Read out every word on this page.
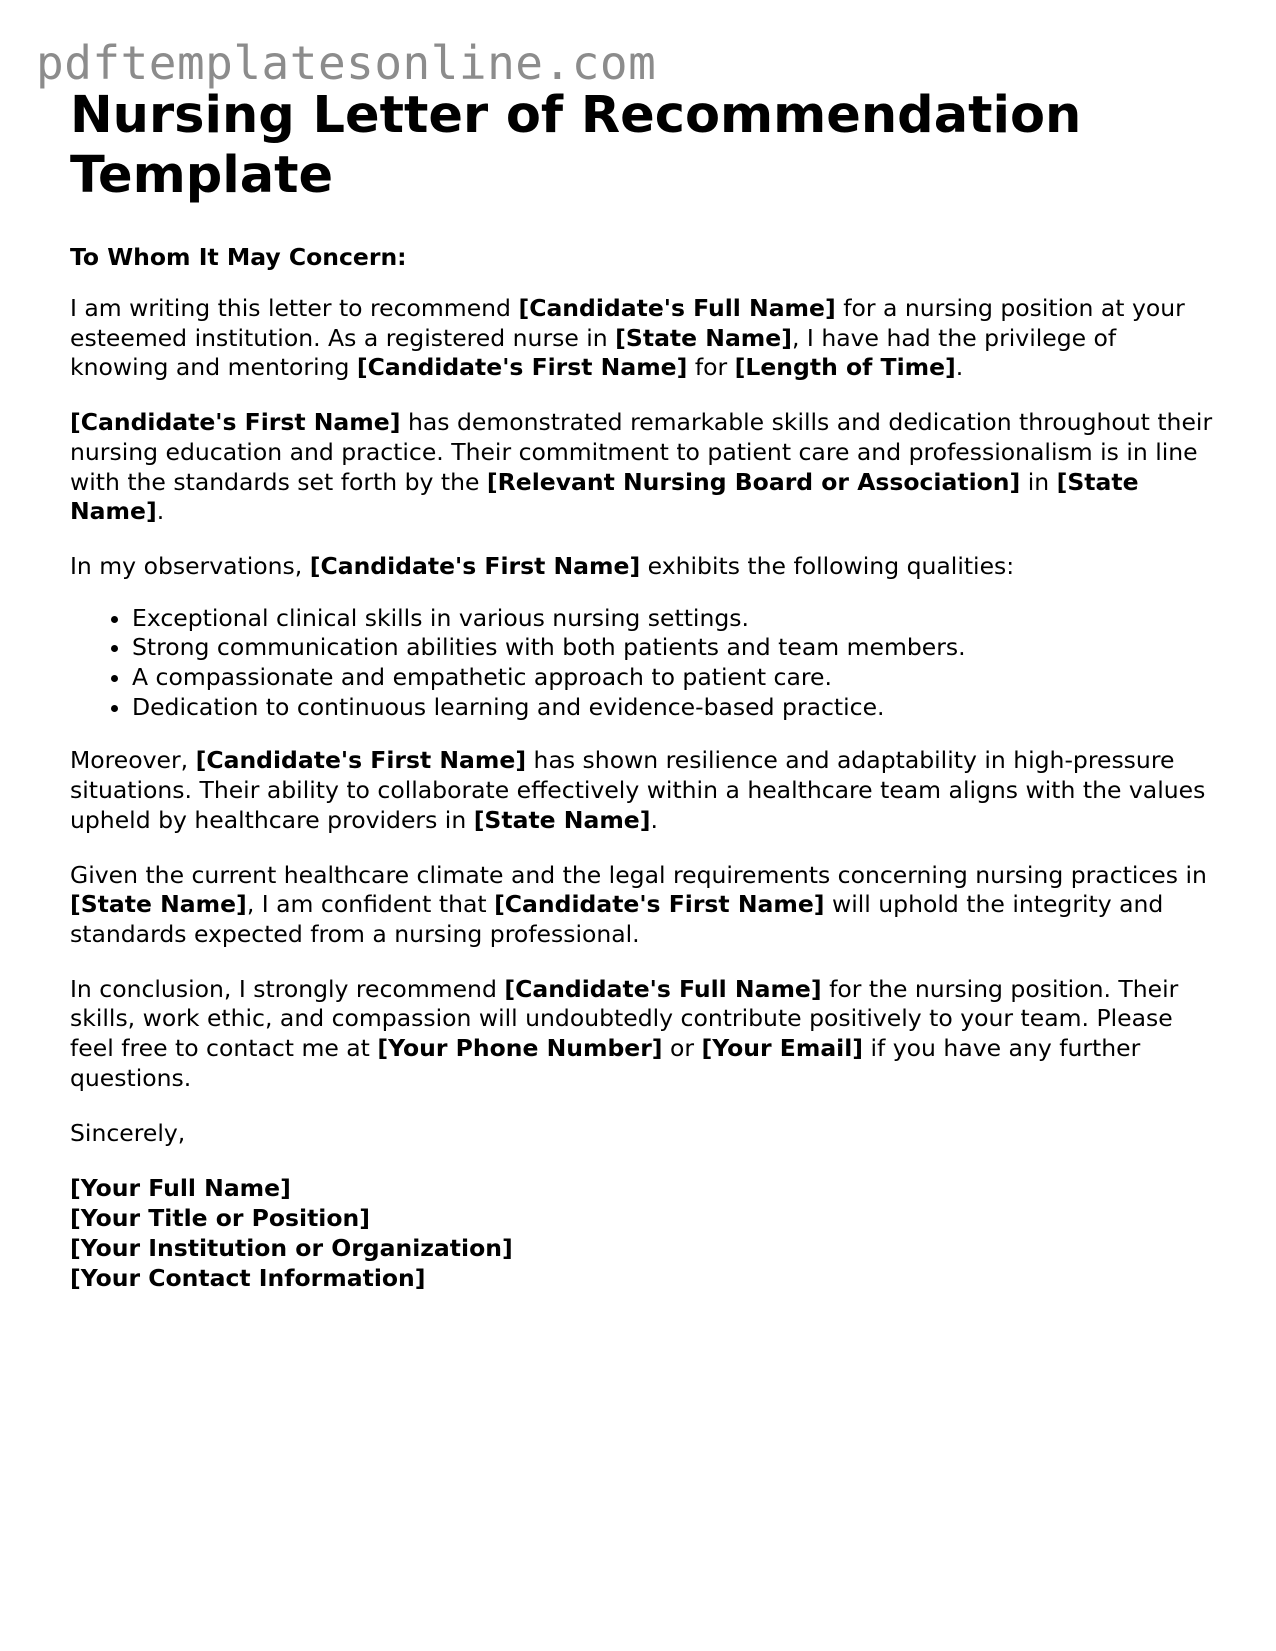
pdftemplatesonline.com
Nursing Letter of Recommendation Template
To Whom It May Concern:

I am writing this letter to recommend [Candidate's Full Name] for a nursing position at your esteemed institution. As a registered nurse in [State Name], I have had the privilege of knowing and mentoring [Candidate's First Name] for [Length of Time].

[Candidate's First Name] has demonstrated remarkable skills and dedication throughout their nursing education and practice. Their commitment to patient care and professionalism is in line with the standards set forth by the [Relevant Nursing Board or Association] in [State Name].

In my observations, [Candidate's First Name] exhibits the following qualities:

• Exceptional clinical skills in various nursing settings.
• Strong communication abilities with both patients and team members.
• A compassionate and empathetic approach to patient care.
• Dedication to continuous learning and evidence-based practice.

Moreover, [Candidate's First Name] has shown resilience and adaptability in high-pressure situations. Their ability to collaborate effectively within a healthcare team aligns with the values upheld by healthcare providers in [State Name].

Given the current healthcare climate and the legal requirements concerning nursing practices in [State Name], I am confident that [Candidate's First Name] will uphold the integrity and standards expected from a nursing professional.

In conclusion, I strongly recommend [Candidate's Full Name] for the nursing position. Their skills, work ethic, and compassion will undoubtedly contribute positively to your team. Please feel free to contact me at [Your Phone Number] or [Your Email] if you have any further questions.

Sincerely,
[Your Full Name]
[Your Title or Position]
[Your Institution or Organization]
[Your Contact Information]
